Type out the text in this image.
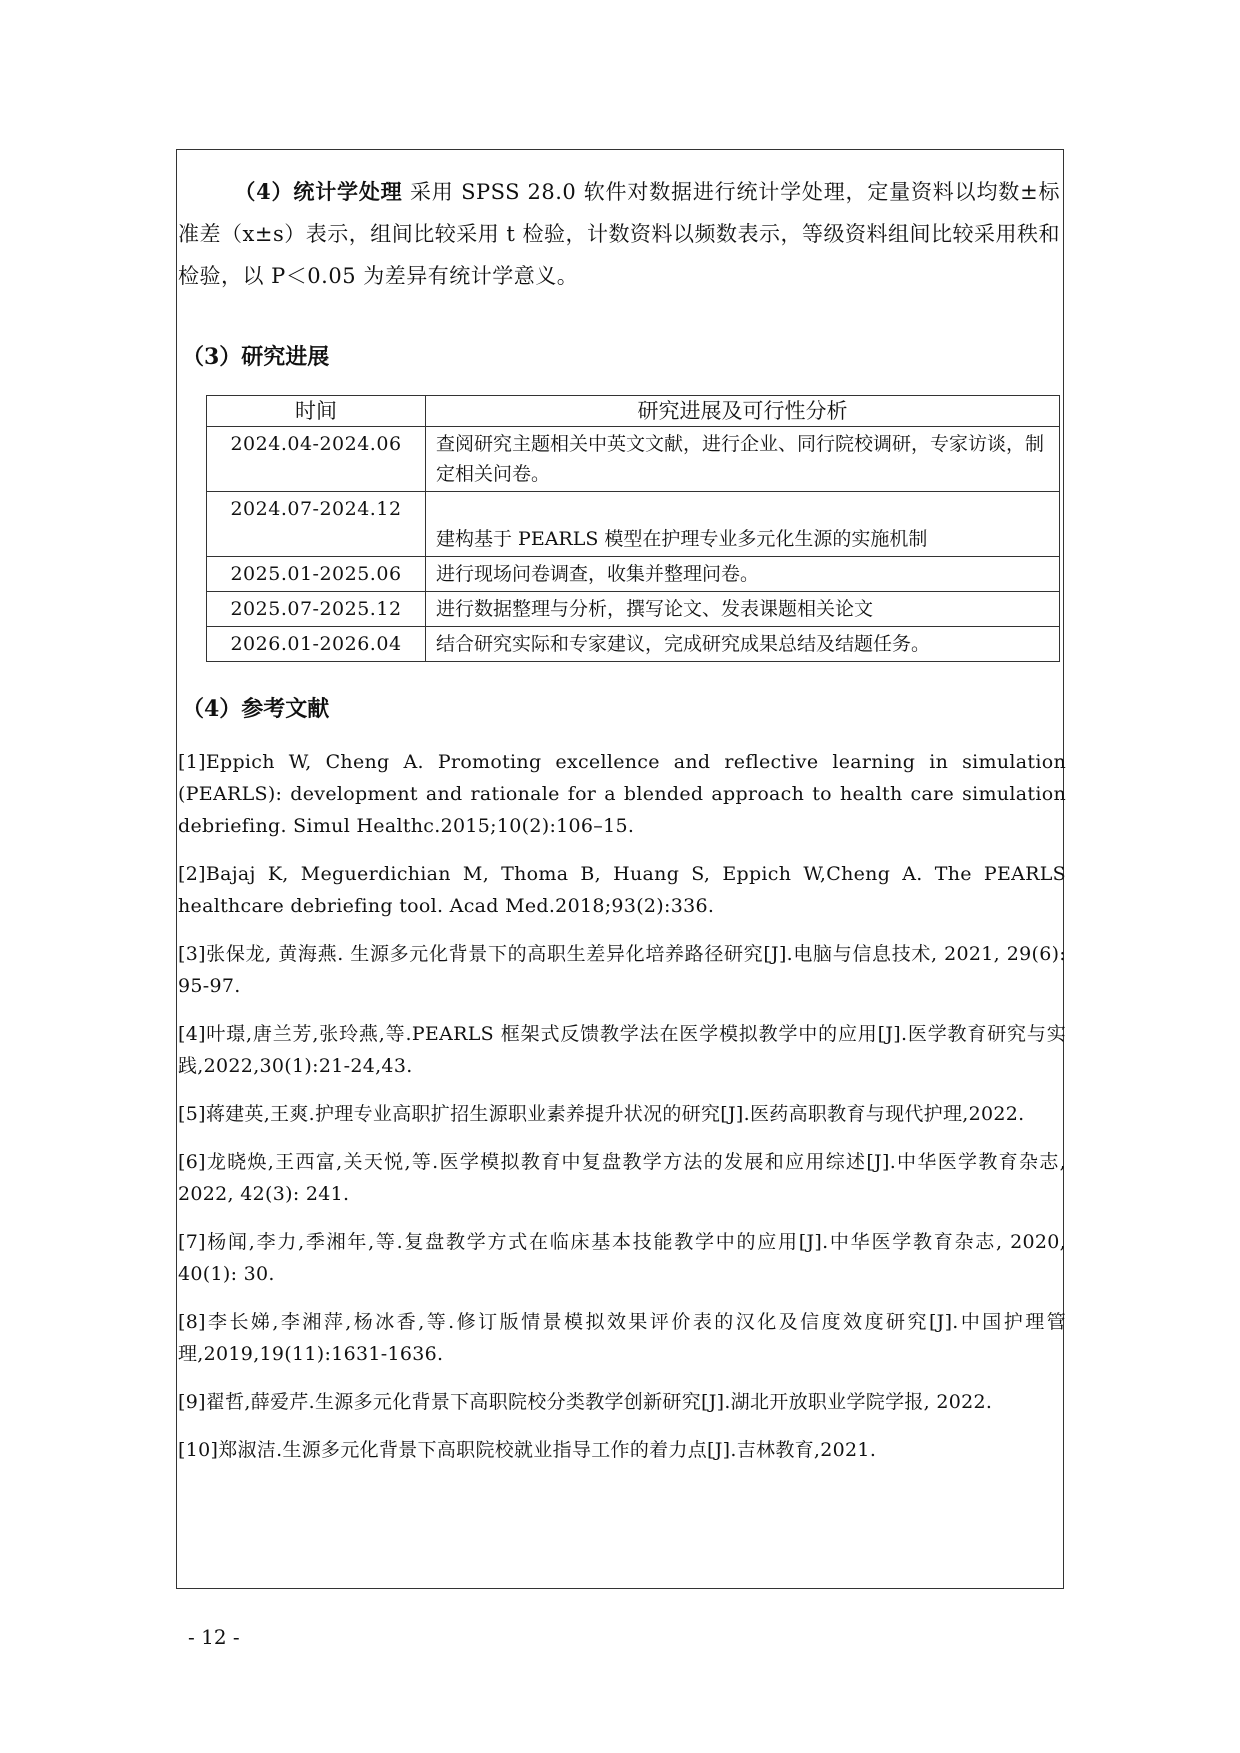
（4）统计学处理 采用 SPSS 28.0 软件对数据进行统计学处理，定量资料以均数±标准差（x±s）表示，组间比较采用 t 检验，计数资料以频数表示，等级资料组间比较采用秩和检验，以 P＜0.05 为差异有统计学意义。

（3）研究进展
时间	研究进展及可行性分析
2024.04-2024.06	查阅研究主题相关中英文文献，进行企业、同行院校调研，专家访谈，制定相关问卷。
2024.07-2024.12	建构基于 PEARLS 模型在护理专业多元化生源的实施机制
2025.01-2025.06	进行现场问卷调查，收集并整理问卷。
2025.07-2025.12	进行数据整理与分析，撰写论文、发表课题相关论文
2026.01-2026.04	结合研究实际和专家建议，完成研究成果总结及结题任务。
（4）参考文献
[1]Eppich W, Cheng A. Promoting excellence and reflective learning in simulation (PEARLS): development and rationale for a blended approach to health care simulation debriefing. Simul Healthc.2015;10(2):106–15.
[2]Bajaj K, Meguerdichian M, Thoma B, Huang S, Eppich W,Cheng A. The PEARLS healthcare debriefing tool. Acad Med.2018;93(2):336.
[3]张保龙, 黄海燕. 生源多元化背景下的高职生差异化培养路径研究[J].电脑与信息技术, 2021, 29(6): 95-97.
[4]叶璟,唐兰芳,张玲燕,等.PEARLS 框架式反馈教学法在医学模拟教学中的应用[J].医学教育研究与实践,2022,30(1):21-24,43.
[5]蒋建英,王爽.护理专业高职扩招生源职业素养提升状况的研究[J].医药高职教育与现代护理,2022.
[6]龙晓焕,王西富,关天悦,等.医学模拟教育中复盘教学方法的发展和应用综述[J].中华医学教育杂志, 2022, 42(3): 241.
[7]杨闻,李力,季湘年,等.复盘教学方式在临床基本技能教学中的应用[J].中华医学教育杂志, 2020, 40(1): 30.
[8]李长娣,李湘萍,杨冰香,等.修订版情景模拟效果评价表的汉化及信度效度研究[J].中国护理管理,2019,19(11):1631-1636.
[9]翟哲,薛爱芹.生源多元化背景下高职院校分类教学创新研究[J].湖北开放职业学院学报, 2022.
[10]郑淑洁.生源多元化背景下高职院校就业指导工作的着力点[J].吉林教育,2021.
- 12 -
